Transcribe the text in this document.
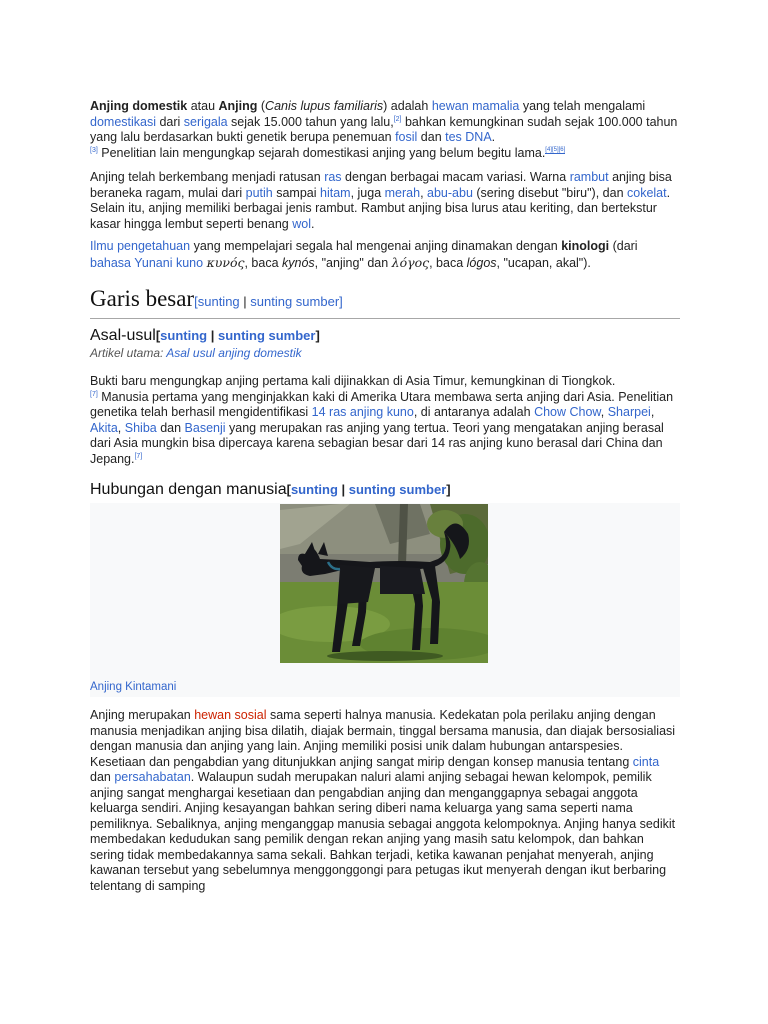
Anjing domestik atau Anjing (Canis lupus familiaris) adalah hewan mamalia yang telah mengalami domestikasi dari serigala sejak 15.000 tahun yang lalu,[2] bahkan kemungkinan sudah sejak 100.000 tahun yang lalu berdasarkan bukti genetik berupa penemuan fosil dan tes DNA.
[3] Penelitian lain mengungkap sejarah domestikasi anjing yang belum begitu lama.[4][5][6]

Anjing telah berkembang menjadi ratusan ras dengan berbagai macam variasi. Warna rambut anjing bisa beraneka ragam, mulai dari putih sampai hitam, juga merah, abu-abu (sering disebut "biru"), dan cokelat. Selain itu, anjing memiliki berbagai jenis rambut. Rambut anjing bisa lurus atau keriting, dan bertekstur kasar hingga lembut seperti benang wol.

Ilmu pengetahuan yang mempelajari segala hal mengenai anjing dinamakan dengan kinologi (dari bahasa Yunani kuno κυνός, baca kynós, "anjing" dan λόγος, baca lógos, "ucapan, akal").

Garis besar[sunting | sunting sumber]
Asal-usul[sunting | sunting sumber]
Artikel utama: Asal usul anjing domestik

Bukti baru mengungkap anjing pertama kali dijinakkan di Asia Timur, kemungkinan di Tiongkok.
[7] Manusia pertama yang menginjakkan kaki di Amerika Utara membawa serta anjing dari Asia. Penelitian genetika telah berhasil mengidentifikasi 14 ras anjing kuno, di antaranya adalah Chow Chow, Sharpei, Akita, Shiba dan Basenji yang merupakan ras anjing yang tertua. Teori yang mengatakan anjing berasal dari Asia mungkin bisa dipercaya karena sebagian besar dari 14 ras anjing kuno berasal dari China dan Jepang.[7]

Hubungan dengan manusia[sunting | sunting sumber]
Anjing Kintamani

Anjing merupakan hewan sosial sama seperti halnya manusia. Kedekatan pola perilaku anjing dengan manusia menjadikan anjing bisa dilatih, diajak bermain, tinggal bersama manusia, dan diajak bersosialiasi dengan manusia dan anjing yang lain. Anjing memiliki posisi unik dalam hubungan antarspesies. Kesetiaan dan pengabdian yang ditunjukkan anjing sangat mirip dengan konsep manusia tentang cinta dan persahabatan. Walaupun sudah merupakan naluri alami anjing sebagai hewan kelompok, pemilik anjing sangat menghargai kesetiaan dan pengabdian anjing dan menganggapnya sebagai anggota keluarga sendiri. Anjing kesayangan bahkan sering diberi nama keluarga yang sama seperti nama pemiliknya. Sebaliknya, anjing menganggap manusia sebagai anggota kelompoknya. Anjing hanya sedikit membedakan kedudukan sang pemilik dengan rekan anjing yang masih satu kelompok, dan bahkan sering tidak membedakannya sama sekali. Bahkan terjadi, ketika kawanan penjahat menyerah, anjing kawanan tersebut yang sebelumnya menggonggongi para petugas ikut menyerah dengan ikut berbaring telentang di samping
